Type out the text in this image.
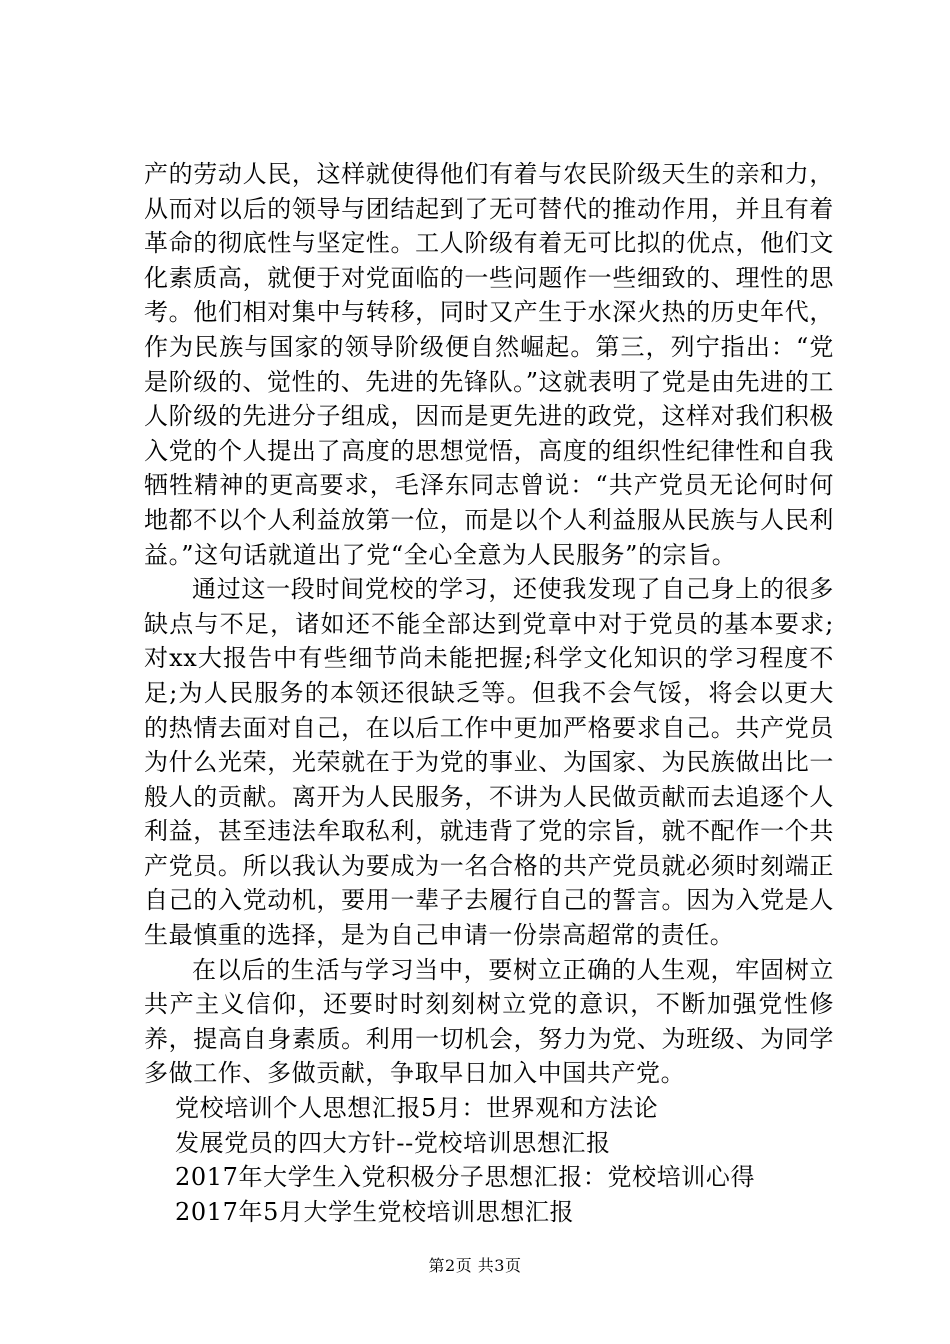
产的劳动人民，这样就使得他们有着与农民阶级天生的亲和力，从而对以后的领导与团结起到了无可替代的推动作用，并且有着革命的彻底性与坚定性。工人阶级有着无可比拟的优点，他们文化素质高，就便于对党面临的一些问题作一些细致的、理性的思考。他们相对集中与转移，同时又产生于水深火热的历史年代，作为民族与国家的领导阶级便自然崛起。第三，列宁指出：“党是阶级的、觉性的、先进的先锋队。”这就表明了党是由先进的工人阶级的先进分子组成，因而是更先进的政党，这样对我们积极入党的个人提出了高度的思想觉悟，高度的组织性纪律性和自我牺牲精神的更高要求，毛泽东同志曾说：“共产党员无论何时何地都不以个人利益放第一位，而是以个人利益服从民族与人民利益。”这句话就道出了党“全心全意为人民服务”的宗旨。

通过这一段时间党校的学习，还使我发现了自己身上的很多缺点与不足，诸如还不能全部达到党章中对于党员的基本要求;对xx大报告中有些细节尚未能把握;科学文化知识的学习程度不足;为人民服务的本领还很缺乏等。但我不会气馁，将会以更大的热情去面对自己，在以后工作中更加严格要求自己。共产党员为什么光荣，光荣就在于为党的事业、为国家、为民族做出比一般人的贡献。离开为人民服务，不讲为人民做贡献而去追逐个人利益，甚至违法牟取私利，就违背了党的宗旨，就不配作一个共产党员。所以我认为要成为一名合格的共产党员就必须时刻端正自己的入党动机，要用一辈子去履行自己的誓言。因为入党是人生最慎重的选择，是为自己申请一份崇高超常的责任。

在以后的生活与学习当中，要树立正确的人生观，牢固树立共产主义信仰，还要时时刻刻树立党的意识，不断加强党性修养，提高自身素质。利用一切机会，努力为党、为班级、为同学多做工作、多做贡献，争取早日加入中国共产党。

党校培训个人思想汇报5月：世界观和方法论
发展党员的四大方针--党校培训思想汇报
2017年大学生入党积极分子思想汇报：党校培训心得
2017年5月大学生党校培训思想汇报
第2页 共3页
